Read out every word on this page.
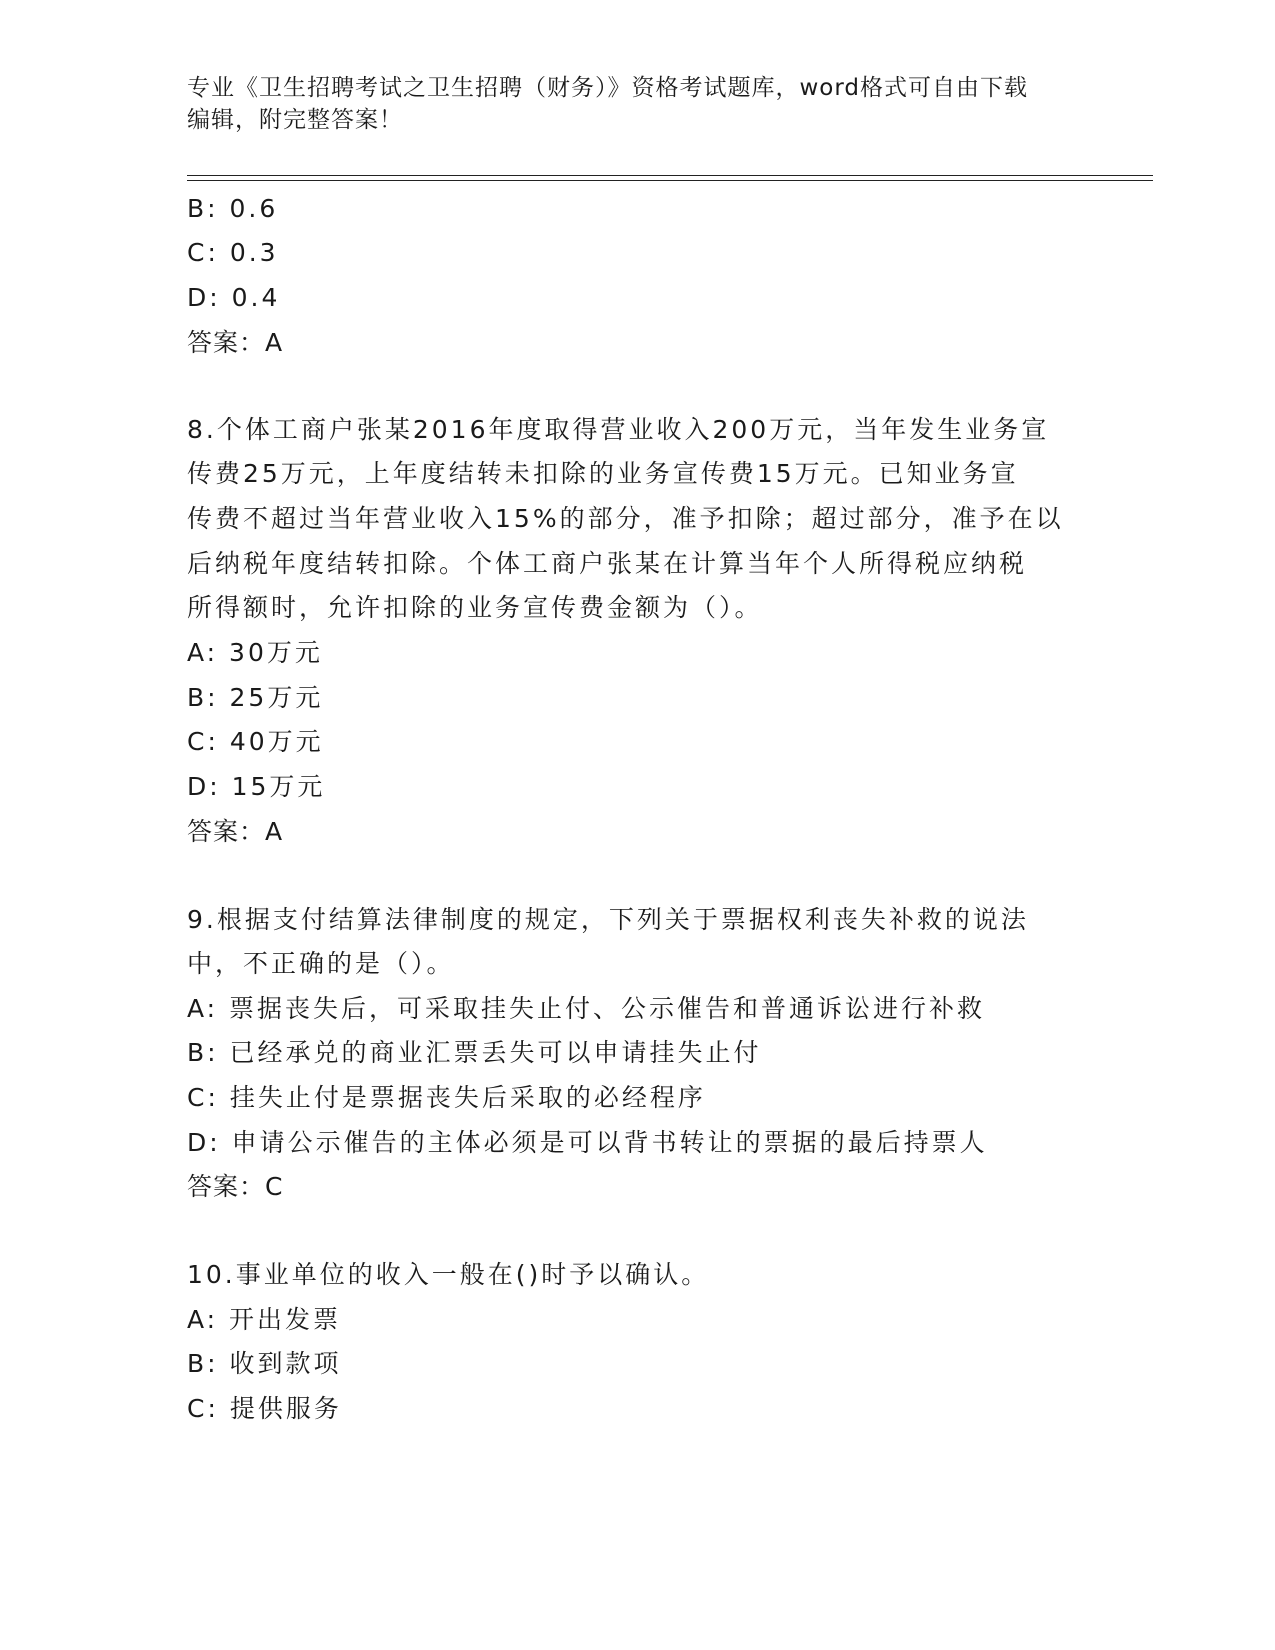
专业《卫生招聘考试之卫生招聘（财务）》资格考试题库，word格式可自由下载
编辑，附完整答案！
B: 0.6
C: 0.3
D: 0.4
答案：A
8.个体工商户张某2016年度取得营业收入200万元，当年发生业务宣
传费25万元，上年度结转未扣除的业务宣传费15万元。已知业务宣
传费不超过当年营业收入15%的部分，准予扣除；超过部分，准予在以
后纳税年度结转扣除。个体工商户张某在计算当年个人所得税应纳税
所得额时，允许扣除的业务宣传费金额为（）。
A: 30万元
B: 25万元
C: 40万元
D: 15万元
答案：A
9.根据支付结算法律制度的规定，下列关于票据权利丧失补救的说法
中，不正确的是（）。
A: 票据丧失后，可采取挂失止付、公示催告和普通诉讼进行补救
B: 已经承兑的商业汇票丢失可以申请挂失止付
C: 挂失止付是票据丧失后采取的必经程序
D: 申请公示催告的主体必须是可以背书转让的票据的最后持票人
答案：C
10.事业单位的收入一般在()时予以确认。
A: 开出发票
B: 收到款项
C: 提供服务
